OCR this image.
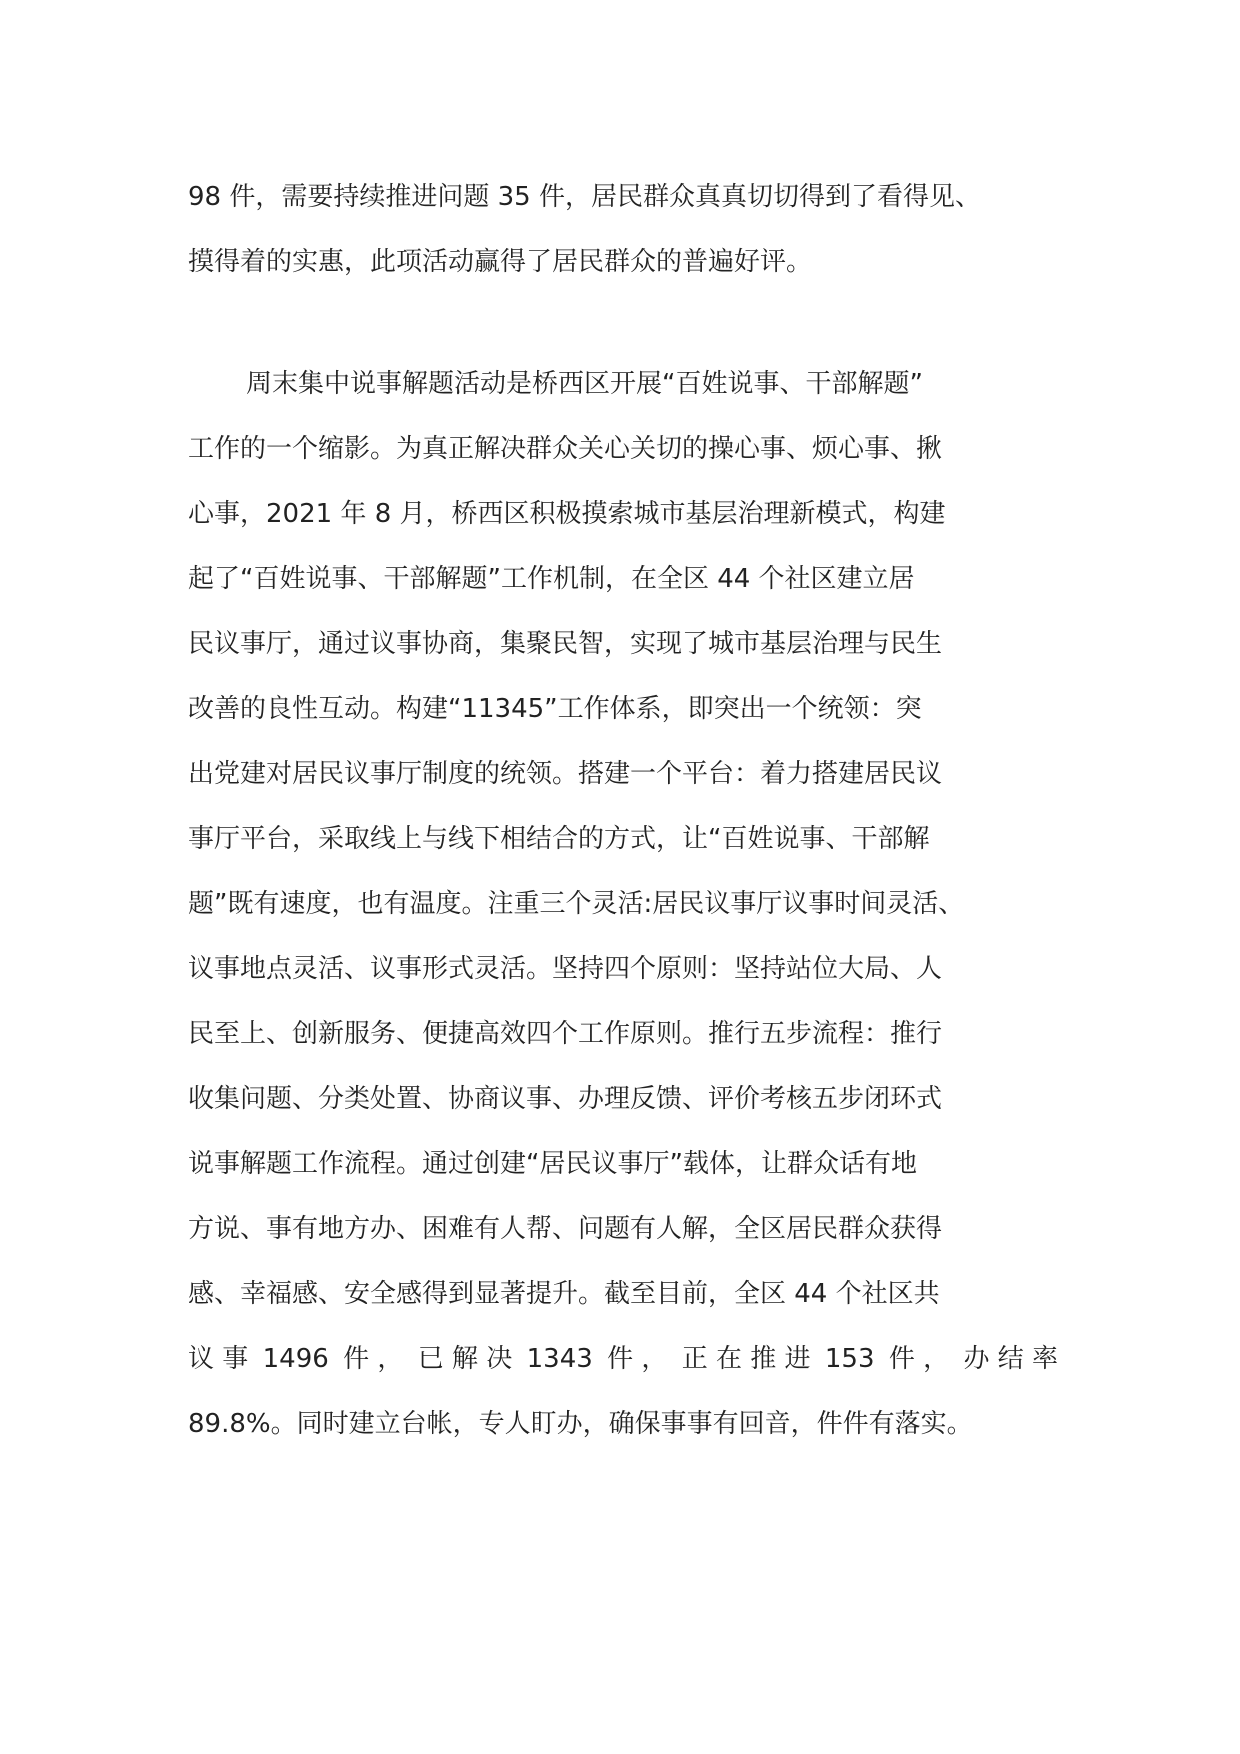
98 件，需要持续推进问题 35 件，居民群众真真切切得到了看得见、
摸得着的实惠，此项活动赢得了居民群众的普遍好评。
周末集中说事解题活动是桥西区开展“百姓说事、干部解题”
工作的一个缩影。为真正解决群众关心关切的操心事、烦心事、揪
心事，2021 年 8 月，桥西区积极摸索城市基层治理新模式，构建
起了“百姓说事、干部解题”工作机制，在全区 44 个社区建立居
民议事厅，通过议事协商，集聚民智，实现了城市基层治理与民生
改善的良性互动。构建“11345”工作体系，即突出一个统领：突
出党建对居民议事厅制度的统领。搭建一个平台：着力搭建居民议
事厅平台，采取线上与线下相结合的方式，让“百姓说事、干部解
题”既有速度，也有温度。注重三个灵活:居民议事厅议事时间灵活、
议事地点灵活、议事形式灵活。坚持四个原则：坚持站位大局、人
民至上、创新服务、便捷高效四个工作原则。推行五步流程：推行
收集问题、分类处置、协商议事、办理反馈、评价考核五步闭环式
说事解题工作流程。通过创建“居民议事厅”载体，让群众话有地
方说、事有地方办、困难有人帮、问题有人解，全区居民群众获得
感、幸福感、安全感得到显著提升。截至目前，全区 44 个社区共
议 事 1496 件 ， 已 解 决 1343 件 ， 正 在 推 进 153 件 ， 办 结 率
89.8%。同时建立台帐，专人盯办，确保事事有回音，件件有落实。
